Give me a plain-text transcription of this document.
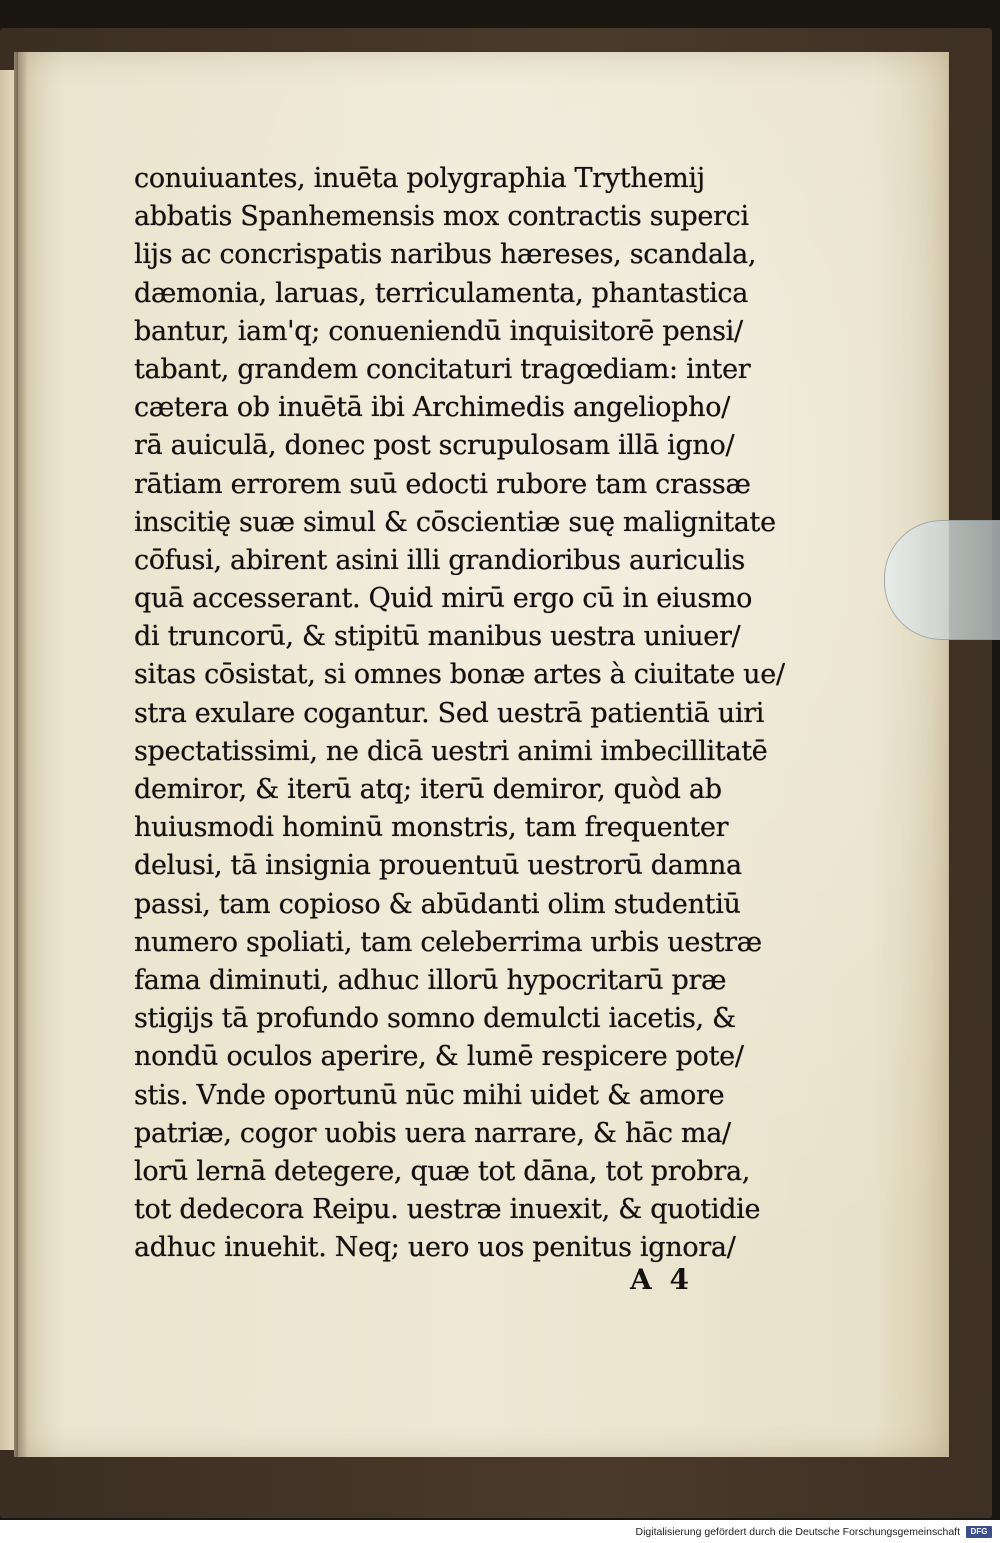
conuiuantes, inuēta polygraphia Trythemij
abbatis Spanhemensis mox contractis superci
lijs ac concrispatis naribus hæreses, scandala,
dæmonia, laruas, terriculamenta, phantastica
bantur, iam'q; conueniendū inquisitorē pensi/
tabant, grandem concitaturi tragœdiam: inter
cætera ob inuētā ibi Archimedis angeliopho/
rā auiculā, donec post scrupulosam illā igno/
rātiam errorem suū edocti rubore tam crassæ
inscitię suæ simul & cōscientiæ suę malignitate
cōfusi, abirent asini illi grandioribus auriculis
quā accesserant. Quid mirū ergo cū in eiusmo
di truncorū, & stipitū manibus uestra uniuer/
sitas cōsistat, si omnes bonæ artes à ciuitate ue/
stra exulare cogantur. Sed uestrā patientiā uiri
spectatissimi, ne dicā uestri animi imbecillitatē
demiror, & iterū atq; iterū demiror, quòd ab
huiusmodi hominū monstris, tam frequenter
delusi, tā insignia prouentuū uestrorū damna
passi, tam copioso & abūdanti olim studentiū
numero spoliati, tam celeberrima urbis uestræ
fama diminuti, adhuc illorū hypocritarū præ
stigijs tā profundo somno demulcti iacetis, &
nondū oculos aperire, & lumē respicere pote/
stis. Vnde oportunū nūc mihi uidet & amore
patriæ, cogor uobis uera narrare, & hāc ma/
lorū lernā detegere, quæ tot dāna, tot probra,
tot dedecora Reipu. uestræ inuexit, & quotidie
adhuc inuehit. Neq; uero uos penitus ignora/
A 4
Digitalisierung gefördert durch die Deutsche Forschungsgemeinschaft	DFG
